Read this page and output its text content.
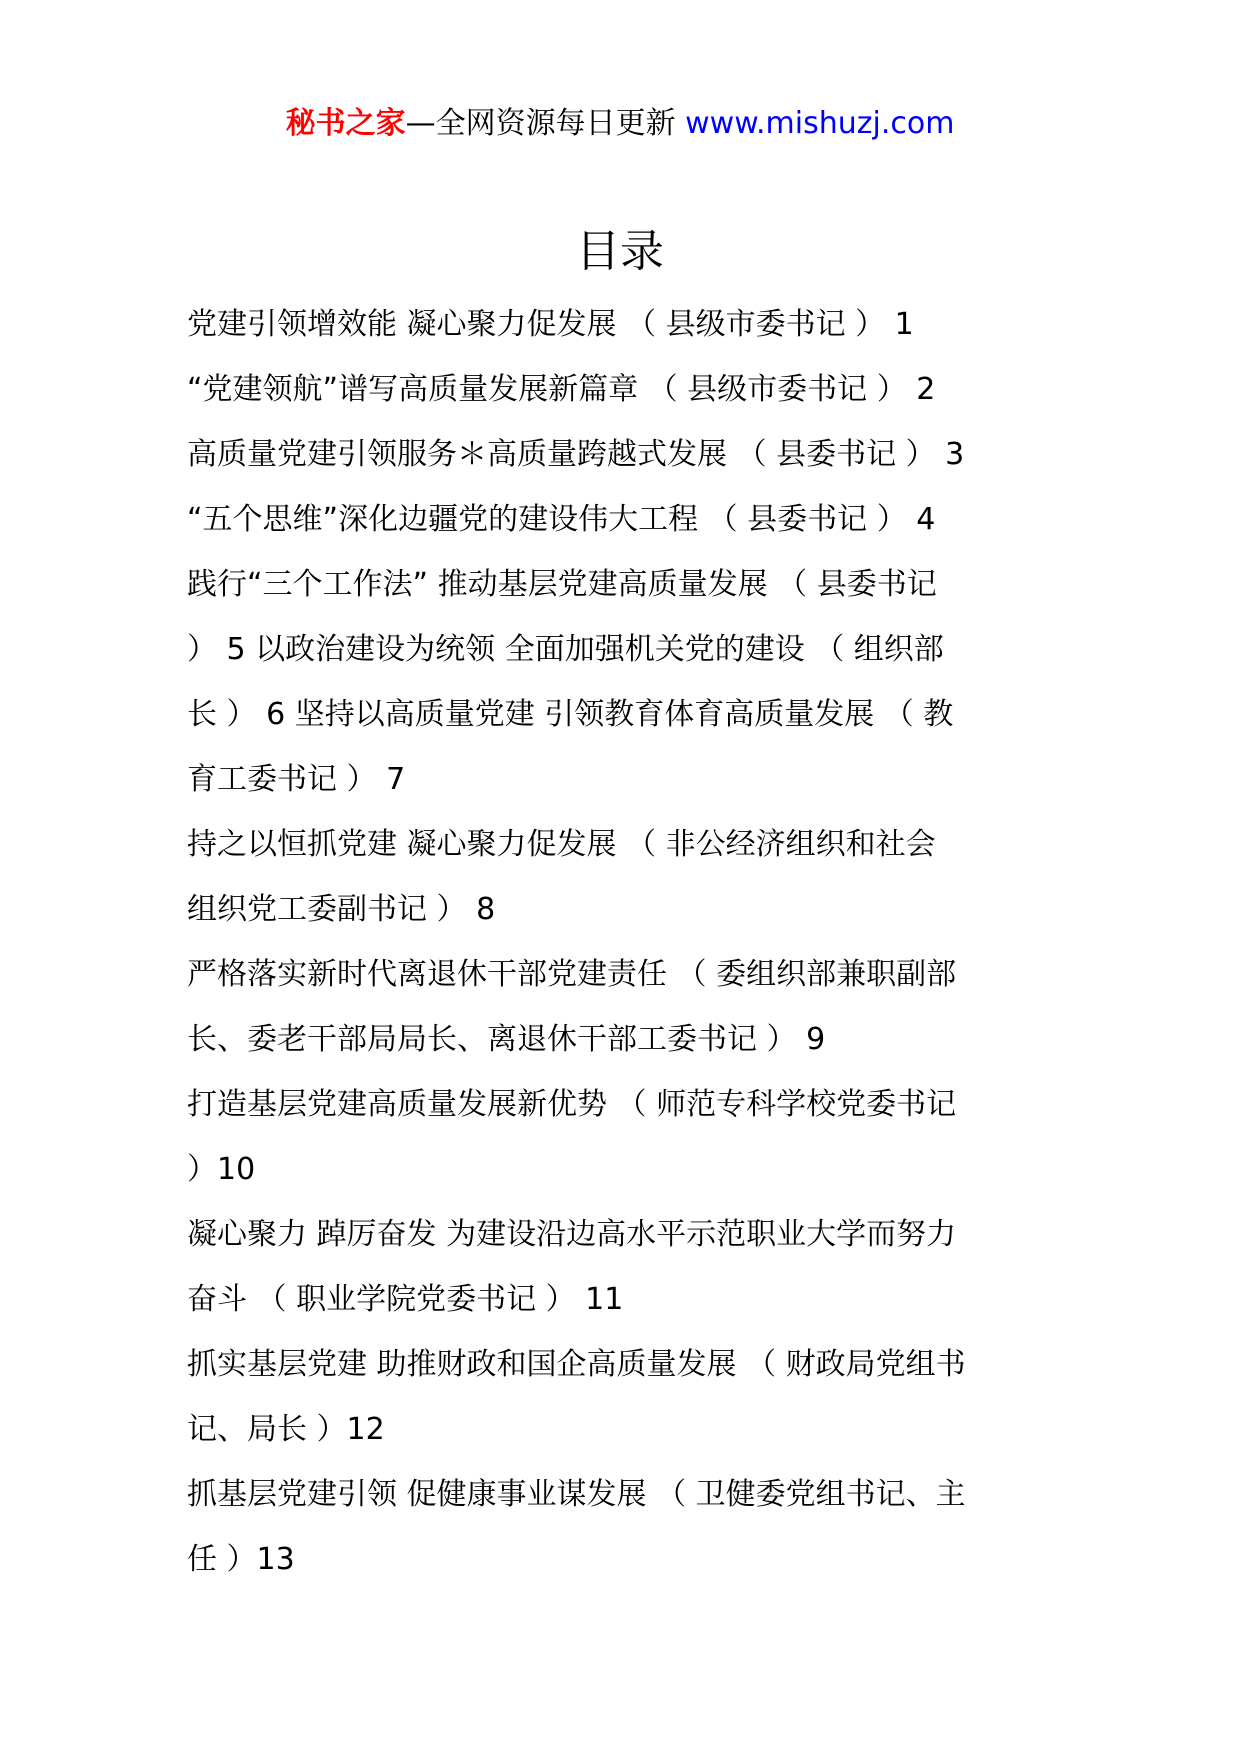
秘书之家—全网资源每日更新 www.mishuzj.com
目录
党建引领增效能 凝心聚力促发展 （ 县级市委书记 ） 1
“党建领航”谱写高质量发展新篇章 （ 县级市委书记 ） 2
高质量党建引领服务＊高质量跨越式发展 （ 县委书记 ） 3
“五个思维”深化边疆党的建设伟大工程 （ 县委书记 ） 4
践行“三个工作法” 推动基层党建高质量发展 （ 县委书记
） 5 以政治建设为统领 全面加强机关党的建设 （ 组织部
长 ） 6 坚持以高质量党建 引领教育体育高质量发展 （ 教
育工委书记 ） 7
持之以恒抓党建 凝心聚力促发展 （ 非公经济组织和社会
组织党工委副书记 ） 8
严格落实新时代离退休干部党建责任 （ 委组织部兼职副部
长、委老干部局局长、离退休干部工委书记 ） 9
打造基层党建高质量发展新优势 （ 师范专科学校党委书记
）10
凝心聚力 踔厉奋发 为建设沿边高水平示范职业大学而努力
奋斗 （ 职业学院党委书记 ） 11
抓实基层党建 助推财政和国企高质量发展 （ 财政局党组书
记、局长 ）12
抓基层党建引领 促健康事业谋发展 （ 卫健委党组书记、主
任 ）13
